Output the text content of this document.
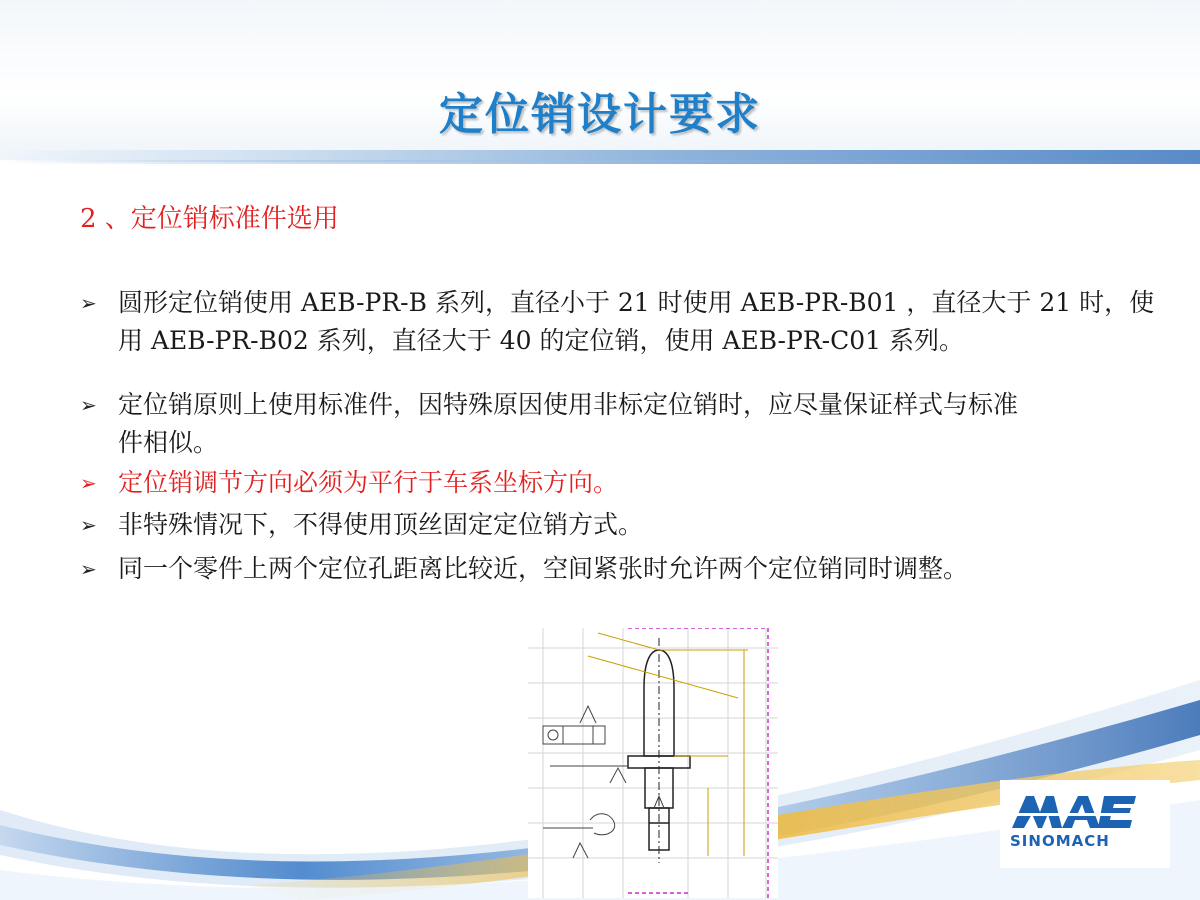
定位销设计要求
2 、定位销标准件选用
➢ 圆形定位销使用 AEB-PR-B 系列，直径小于 21 时使用 AEB-PR-B01 ，直径大于 21 时，使用 AEB-PR-B02 系列，直径大于 40 的定位销，使用 AEB-PR-C01 系列。
➢ 定位销原则上使用标准件，因特殊原因使用非标定位销时，应尽量保证样式与标准件相似。
➢ 定位销调节方向必须为平行于车系坐标方向。
➢ 非特殊情况下，不得使用顶丝固定定位销方式。
➢ 同一个零件上两个定位孔距离比较近，空间紧张时允许两个定位销同时调整。
SINOMACH
